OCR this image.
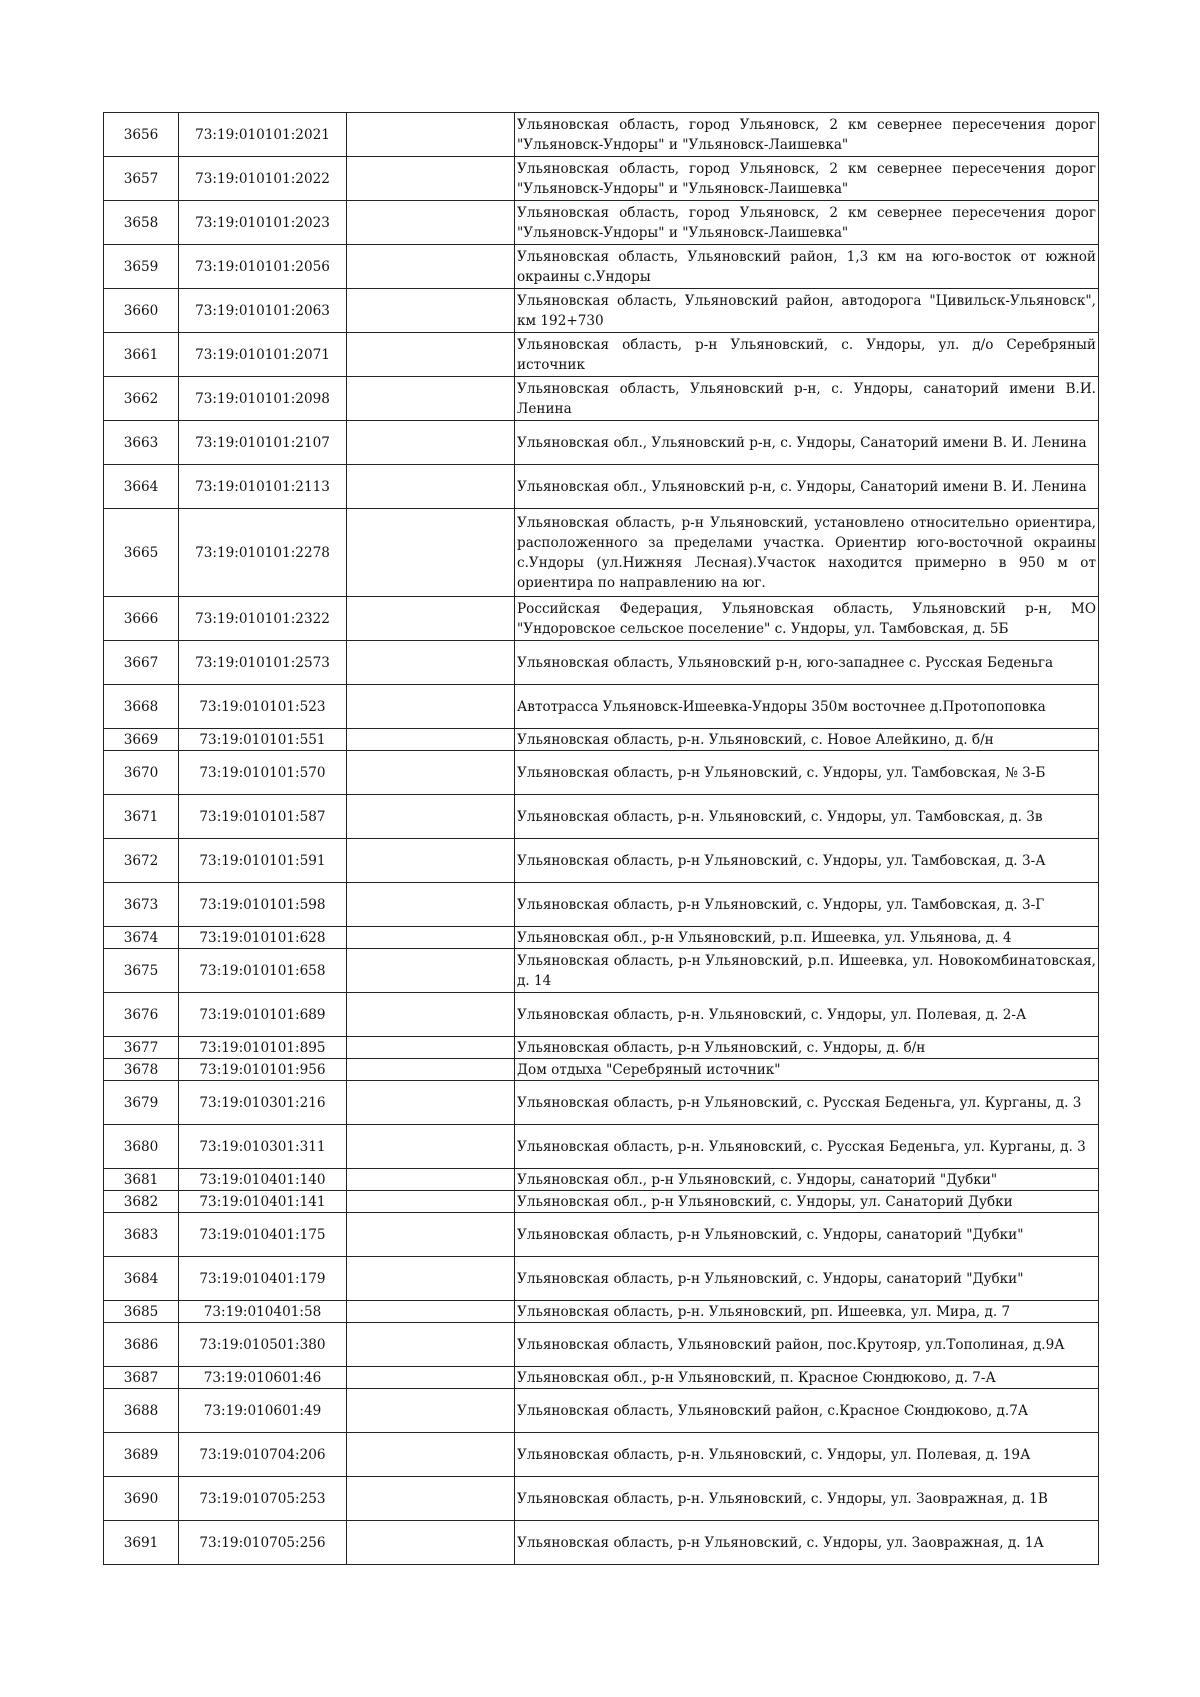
3656	73:19:010101:2021		Ульяновская область, город Ульяновск, 2 км севернее пересечения дорог "Ульяновск-Ундоры" и "Ульяновск-Лаишевка"
3657	73:19:010101:2022		Ульяновская область, город Ульяновск, 2 км севернее пересечения дорог "Ульяновск-Ундоры" и "Ульяновск-Лаишевка"
3658	73:19:010101:2023		Ульяновская область, город Ульяновск, 2 км севернее пересечения дорог "Ульяновск-Ундоры" и "Ульяновск-Лаишевка"
3659	73:19:010101:2056		Ульяновская область, Ульяновский район, 1,3 км на юго-восток от южной окраины с.Ундоры
3660	73:19:010101:2063		Ульяновская область, Ульяновский район, автодорога "Цивильск-Ульяновск", км 192+730
3661	73:19:010101:2071		Ульяновская область, р-н Ульяновский, с. Ундоры, ул. д/о Серебряный источник
3662	73:19:010101:2098		Ульяновская область, Ульяновский р-н, с. Ундоры, санаторий имени В.И. Ленина
3663	73:19:010101:2107		Ульяновская обл., Ульяновский р-н, с. Ундоры, Санаторий имени В. И. Ленина
3664	73:19:010101:2113		Ульяновская обл., Ульяновский р-н, с. Ундоры, Санаторий имени В. И. Ленина
3665	73:19:010101:2278		Ульяновская область, р-н Ульяновский, установлено относительно ориентира, расположенного за пределами участка. Ориентир юго-восточной окраины с.Ундоры (ул.Нижняя Лесная).Участок находится примерно в 950 м от ориентира по направлению на юг.
3666	73:19:010101:2322		Российская Федерация, Ульяновская область, Ульяновский р-н, МО "Ундоровское сельское поселение" с. Ундоры, ул. Тамбовская, д. 5Б
3667	73:19:010101:2573		Ульяновская область, Ульяновский р-н, юго-западнее с. Русская Беденьга
3668	73:19:010101:523		Автотрасса Ульяновск-Ишеевка-Ундоры 350м восточнее д.Протопоповка
3669	73:19:010101:551		Ульяновская область, р-н. Ульяновский, с. Новое Алейкино, д. б/н
3670	73:19:010101:570		Ульяновская область, р-н Ульяновский, с. Ундоры, ул. Тамбовская, № 3-Б
3671	73:19:010101:587		Ульяновская область, р-н. Ульяновский, с. Ундоры, ул. Тамбовская, д. 3в
3672	73:19:010101:591		Ульяновская область, р-н Ульяновский, с. Ундоры, ул. Тамбовская, д. 3-А
3673	73:19:010101:598		Ульяновская область, р-н Ульяновский, с. Ундоры, ул. Тамбовская, д. 3-Г
3674	73:19:010101:628		Ульяновская обл., р-н Ульяновский, р.п. Ишеевка, ул. Ульянова, д. 4
3675	73:19:010101:658		Ульяновская область, р-н Ульяновский, р.п. Ишеевка, ул. Новокомбинатовская, д. 14
3676	73:19:010101:689		Ульяновская область, р-н. Ульяновский, с. Ундоры, ул. Полевая, д. 2-А
3677	73:19:010101:895		Ульяновская область, р-н Ульяновский, с. Ундоры, д. б/н
3678	73:19:010101:956		Дом отдыха "Серебряный источник"
3679	73:19:010301:216		Ульяновская область, р-н Ульяновский, с. Русская Беденьга, ул. Курганы, д. 3
3680	73:19:010301:311		Ульяновская область, р-н. Ульяновский, с. Русская Беденьга, ул. Курганы, д. 3
3681	73:19:010401:140		Ульяновская обл., р-н Ульяновский, с. Ундоры, санаторий "Дубки"
3682	73:19:010401:141		Ульяновская обл., р-н Ульяновский, с. Ундоры, ул. Санаторий Дубки
3683	73:19:010401:175		Ульяновская область, р-н Ульяновский, с. Ундоры, санаторий "Дубки"
3684	73:19:010401:179		Ульяновская область, р-н Ульяновский, с. Ундоры, санаторий "Дубки"
3685	73:19:010401:58		Ульяновская область, р-н. Ульяновский, рп. Ишеевка, ул. Мира, д. 7
3686	73:19:010501:380		Ульяновская область, Ульяновский район, пос.Крутояр, ул.Тополиная, д.9А
3687	73:19:010601:46		Ульяновская обл., р-н Ульяновский, п. Красное Сюндюково, д. 7-А
3688	73:19:010601:49		Ульяновская область, Ульяновский район, с.Красное Сюндюково, д.7А
3689	73:19:010704:206		Ульяновская область, р-н. Ульяновский, с. Ундоры, ул. Полевая, д. 19А
3690	73:19:010705:253		Ульяновская область, р-н. Ульяновский, с. Ундоры, ул. Заовражная, д. 1В
3691	73:19:010705:256		Ульяновская область, р-н Ульяновский, с. Ундоры, ул. Заовражная, д. 1А
